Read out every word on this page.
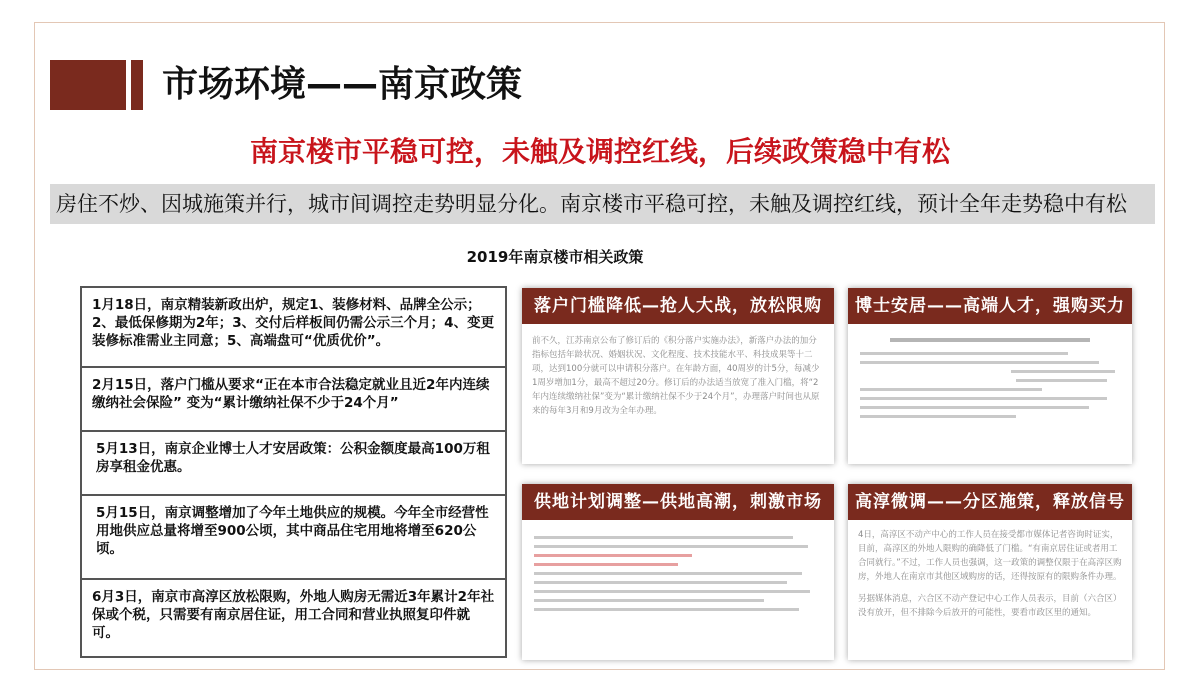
市场环境——南京政策
南京楼市平稳可控，未触及调控红线，后续政策稳中有松
房住不炒、因城施策并行，城市间调控走势明显分化。南京楼市平稳可控，未触及调控红线，预计全年走势稳中有松
2019年南京楼市相关政策
1月18日，南京精装新政出炉，规定1、装修材料、品牌全公示；2、最低保修期为2年；3、交付后样板间仍需公示三个月；4、变更装修标准需业主同意；5、高端盘可“优质优价”。
2月15日，落户门槛从要求“正在本市合法稳定就业且近2年内连续缴纳社会保险” 变为“累计缴纳社保不少于24个月”
5月13日，南京企业博士人才安居政策：公积金额度最高100万租房享租金优惠。
5月15日，南京调整增加了今年土地供应的规模。今年全市经营性用地供应总量将增至900公顷，其中商品住宅用地将增至620公顷。
6月3日，南京市高淳区放松限购，外地人购房无需近3年累计2年社保或个税，只需要有南京居住证，用工合同和营业执照复印件就可。
落户门槛降低—抢人大战，放松限购
前不久，江苏南京公布了修订后的《积分落户实施办法》，新落户办法的加分指标包括年龄状况、婚姻状况、文化程度、技术技能水平、科技成果等十二项，达到100分就可以申请积分落户。在年龄方面，40周岁的计5分，每减少1周岁增加1分，最高不超过20分。修订后的办法适当放宽了准入门槛，将“2年内连续缴纳社保”变为“累计缴纳社保不少于24个月”，办理落户时间也从原来的每年3月和9月改为全年办理。
博士安居——高端人才，强购买力
供地计划调整—供地高潮，刺激市场	高淳微调——分区施策，释放信号
4日，高淳区不动产中心的工作人员在接受都市媒体记者咨询时证实，目前，高淳区的外地人限购的确降低了门槛。“有南京居住证或者用工合同就行。”不过，工作人员也强调，这一政策的调整仅限于在高淳区购房，外地人在南京市其他区域购房的话，还得按原有的限购条件办理。
另据媒体消息，六合区不动产登记中心工作人员表示，目前（六合区）没有放开，但不排除今后放开的可能性，要看市政区里的通知。
